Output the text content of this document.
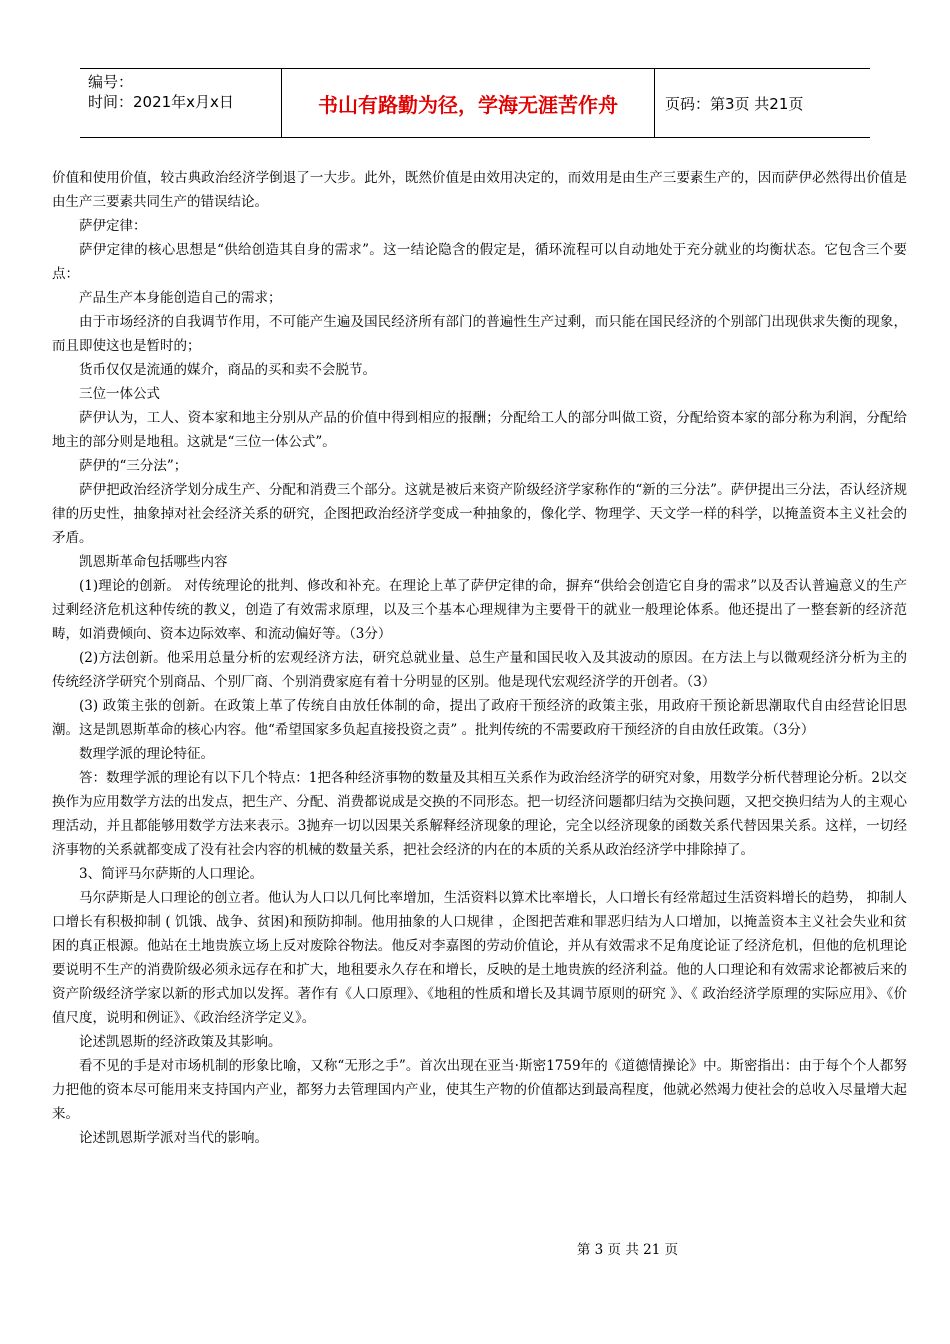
编号：
时间：2021年x月x日	书山有路勤为径，学海无涯苦作舟	页码：第3页 共21页

价值和使用价值，较古典政治经济学倒退了一大步。此外，既然价值是由效用决定的，而效用是由生产三要素生产的，因而萨伊必然得出价值是由生产三要素共同生产的错误结论。

萨伊定律：

萨伊定律的核心思想是“供给创造其自身的需求”。这一结论隐含的假定是，循环流程可以自动地处于充分就业的均衡状态。它包含三个要点：

产品生产本身能创造自己的需求；

由于市场经济的自我调节作用，不可能产生遍及国民经济所有部门的普遍性生产过剩，而只能在国民经济的个别部门出现供求失衡的现象，而且即使这也是暂时的；

货币仅仅是流通的媒介，商品的买和卖不会脱节。

三位一体公式

萨伊认为，工人、资本家和地主分别从产品的价值中得到相应的报酬；分配给工人的部分叫做工资，分配给资本家的部分称为利润，分配给地主的部分则是地租。这就是“三位一体公式”。

萨伊的“三分法”；

萨伊把政治经济学划分成生产、分配和消费三个部分。这就是被后来资产阶级经济学家称作的“新的三分法”。萨伊提出三分法，否认经济规律的历史性，抽象掉对社会经济关系的研究，企图把政治经济学变成一种抽象的，像化学、物理学、天文学一样的科学，以掩盖资本主义社会的矛盾。

凯恩斯革命包括哪些内容

(1)理论的创新。 对传统理论的批判、修改和补充。在理论上革了萨伊定律的命，摒弃“供给会创造它自身的需求”以及否认普遍意义的生产过剩经济危机这种传统的教义，创造了有效需求原理，以及三个基本心理规律为主要骨干的就业一般理论体系。他还提出了一整套新的经济范畴，如消费倾向、资本边际效率、和流动偏好等。（3分）

(2)方法创新。他采用总量分析的宏观经济方法，研究总就业量、总生产量和国民收入及其波动的原因。在方法上与以微观经济分析为主的传统经济学研究个别商品、个别厂商、个别消费家庭有着十分明显的区别。他是现代宏观经济学的开创者。（3）

(3) 政策主张的创新。在政策上革了传统自由放任体制的命，提出了政府干预经济的政策主张，用政府干预论新思潮取代自由经营论旧思潮。这是凯恩斯革命的核心内容。他“希望国家多负起直接投资之责” 。批判传统的不需要政府干预经济的自由放任政策。（3分）

数理学派的理论特征。

答：数理学派的理论有以下几个特点：1把各种经济事物的数量及其相互关系作为政治经济学的研究对象，用数学分析代替理论分析。2以交换作为应用数学方法的出发点，把生产、分配、消费都说成是交换的不同形态。把一切经济问题都归结为交换问题，又把交换归结为人的主观心理活动，并且都能够用数学方法来表示。3抛弃一切以因果关系解释经济现象的理论，完全以经济现象的函数关系代替因果关系。这样，一切经济事物的关系就都变成了没有社会内容的机械的数量关系，把社会经济的内在的本质的关系从政治经济学中排除掉了。

3、简评马尔萨斯的人口理论。

马尔萨斯是人口理论的创立者。他认为人口以几何比率增加，生活资料以算术比率增长，人口增长有经常超过生活资料增长的趋势， 抑制人口增长有积极抑制 ( 饥饿、战争、贫困)和预防抑制。他用抽象的人口规律 ，企图把苦难和罪恶归结为人口增加，以掩盖资本主义社会失业和贫困的真正根源。他站在土地贵族立场上反对废除谷物法。他反对李嘉图的劳动价值论，并从有效需求不足角度论证了经济危机，但他的危机理论要说明不生产的消费阶级必须永远存在和扩大，地租要永久存在和增长，反映的是土地贵族的经济利益。他的人口理论和有效需求论都被后来的资产阶级经济学家以新的形式加以发挥。著作有《人口原理》、《地租的性质和增长及其调节原则的研究 》、《 政治经济学原理的实际应用》、《价值尺度，说明和例证》、《政治经济学定义》。

论述凯恩斯的经济政策及其影响。

看不见的手是对市场机制的形象比喻，又称“无形之手”。首次出现在亚当·斯密1759年的《道德情操论》中。斯密指出：由于每个个人都努力把他的资本尽可能用来支持国内产业，都努力去管理国内产业，使其生产物的价值都达到最高程度，他就必然竭力使社会的总收入尽量增大起来。

论述凯恩斯学派对当代的影响。

第 3 页 共 21 页
